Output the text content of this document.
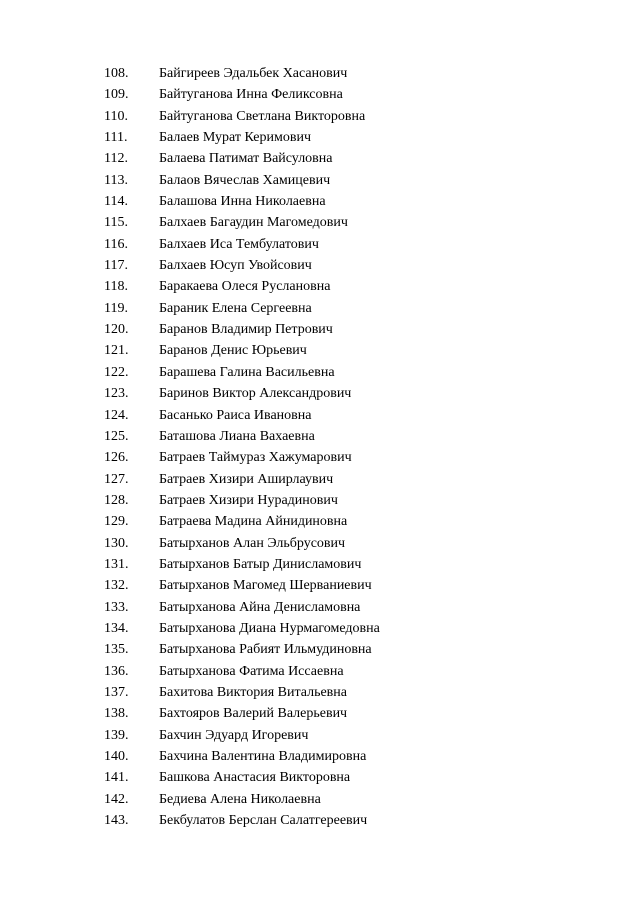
108. Байгиреев Эдальбек Хасанович
109. Байтуганова Инна Феликсовна
110. Байтуганова Светлана Викторовна
111. Балаев Мурат Керимович
112. Балаева Патимат Вайсуловна
113. Балаов Вячеслав Хамицевич
114. Балашова Инна Николаевна
115. Балхаев Багаудин Магомедович
116. Балхаев Иса Тембулатович
117. Балхаев Юсуп Увойсович
118. Баракаева Олеся Руслановна
119. Бараник Елена Сергеевна
120. Баранов Владимир Петрович
121. Баранов Денис Юрьевич
122. Барашева Галина Васильевна
123. Баринов Виктор Александрович
124. Басанько Раиса Ивановна
125. Баташова Лиана Вахаевна
126. Батраев Таймураз Хажумарович
127. Батраев Хизири Аширлаувич
128. Батраев Хизири Нурадинович
129. Батраева Мадина Айнидиновна
130. Батырханов Алан Эльбрусович
131. Батырханов Батыр Динисламович
132. Батырханов Магомед Шерваниевич
133. Батырханова Айна Денисламовна
134. Батырханова Диана Нурмагомедовна
135. Батырханова Рабият Ильмудиновна
136. Батырханова Фатима Иссаевна
137. Бахитова Виктория Витальевна
138. Бахтояров Валерий Валерьевич
139. Бахчин Эдуард Игоревич
140. Бахчина Валентина Владимировна
141. Башкова Анастасия Викторовна
142. Бедиева Алена Николаевна
143. Бекбулатов Берслан Салатгереевич
